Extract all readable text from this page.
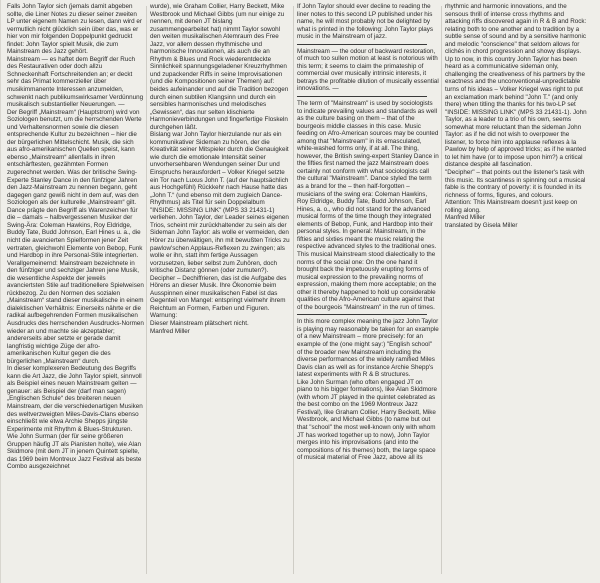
Falls John Taylor sich (jemals damit abgeben sollte, die Liner Notes zu dieser seiner zweiten LP unter eigenem Namen zu lesen, dann wird er vermutlich nicht glücklich sein über das, was er hier von mir folgenden Doppelpunkt gedruckt findet: John Taylor spielt Musik, die zum Mainstream des Jazz gehört.

Mainstream — es haftet dem Begriff der Ruch des Restaurativen oder doch allzu Schneckenhaft Fortschreitenden an; er deckt sehr das Primat kommerzieller über musikimmanente Interessen anzumelden, schwenkt nach publikumswirksamer Verdünnung musikalisch substantieller Neuerungen. —

Der Begriff „Mainstream“ (Hauptstrom) wird von Soziologen benutzt, um die herrschenden Werte und Verhaltensnormen sowie die diesen entsprechende Kultur zu bezeichnen – hier die der bürgerlichen Mittelschicht. Musik, die sich aus afro-amerikanischen Quellen speist, kann ebenso „Mainstream“ allenfalls in ihren entschärftesten, gezähmten Formen zugerechnet werden. Was der britische Swing-Experte Stanley Dance in den fünfziger Jahren den Jazz-Mainstream zu nennen begann, geht dagegen ganz gewiß nicht in dem auf, was den Soziologen als der kulturelle „Mainstream“ gilt. Dance prägte den Begriff als Warenzeichen für die – damals – halbvergessenen Musiker der Swing-Ära: Coleman Hawkins, Roy Eldridge, Buddy Tate, Budd Johnson, Earl Hines u. a., die nicht die avancierten Spielformen jener Zeit vertraten, gleichwohl Elemente von Bebop, Funk und Hardbop in ihre Personal-Stile integrierten.

Verallgemeinernd: Mainstream bezeichnete in den fünfziger und sechziger Jahren jene Musik, die wesentliche Aspekte der jeweils avanciertsten Stile auf traditionellere Spielweisen rückbezog. Zu den Normen des sozialen „Mainstream“ stand dieser musikalische in einem dialektischen Verhältnis: Einerseits nährte er die radikal aufbegehrenden Formen musikalischen Ausdrucks des herrschenden Ausdrucks-Normen wieder an und machte sie akzeptabler; andererseits aber setzte er gerade damit langfristig wichtige Züge der afro-amerikanischen Kultur gegen die des bürgerlichen „Mainstream“ durch.

In dieser komplexeren Bedeutung des Begriffs kann die Art Jazz, die John Taylor spielt, sinnvoll als Beispiel eines neuen Mainstream gelten — genauer: als Beispiel der (darf man sagen) „Englischen Schule“ des breiteren neuen Mainstream, der die verschiedenartigen Musiken des weltverzweigten Miles-Davis-Clans ebenso einschließt wie etwa Archie Shepps jüngste Experimente mit Rhythm & Blues-Strukturen.

Wie John Surman (der für seine größeren Gruppen häufig JT als Pianisten holte), wie Alan Skidmore (mit dem JT in jenem Quintett spielte, das 1969 beim Montreux Jazz Festival als beste Combo ausgezeichnet

wurde), wie Graham Collier, Harry Beckett, Mike Westbrook und Michael Gibbs (um nur einige zu nennen, mit denen JT bislang zusammengearbeitet hat) nimmt Taylor sowohl den weiten musikalischen Atemraum des Free Jazz, vor allem dessen rhythmische und harmonische Innovationen, als auch die an Rhythm & Blues und Rock wiederentdeckte Sinnlichkeit spannungsgeladener Kreuzrhythmen und zupackender Riffs in seine Improvisationen (und die Kompositionen seiner Themen) auf: beides aufeinander und auf die Tradition bezogen durch einen subtilen Klangsinn und durch ein sensibles harmonisches und melodisches „Gewissen“, das nur selten klischierte Harmonieverbindungen und fingerfertige Floskeln durchgehen läßt.

Bislang war John Taylor hierzulande nur als ein kommunikativer Sideman zu hören, der die Kreativität seiner Mitspieler durch die Genauigkeit wie durch die emotionale Intensität seiner unvorhersehbaren Wendungen seiner Dur und Einspruchs herausfordert – Volker Kriegel setzte ein Tor nach Luxus John T. (auf der hauptsächlich aus Hochgefühl) Rückkehr nach Hause hatte das „John T.“ (und ebenso mit dem zugleich Dance-Rhythmus) als Titel für sein Doppelalbum "INSIDE: MISSING LINK" (MPS 33 21431-1) verliehen. John Taylor, der Leader seines eigenen Trios, scheint mir zurückhaltender zu sein als der Sideman John Taylor: als wolle er vermeiden, den Hörer zu überwältigen, ihn mit bewußten Tricks zu pawlow'schen Applaus-Reflexen zu zwingen; als wolle er ihn, statt ihm fertige Aussagen vorzusetzen, lieber selbst zum Zuhören, doch kritische Distanz gönnen (oder zumuten?).

Decipher – Dechiffrieren, das ist die Aufgabe des Hörens an dieser Musik. Ihre Ökonomie beim Ausspinnen einer musikalischen Fabel ist das Gegenteil von Mangel: entspringt vielmehr ihrem Reichtum an Formen, Farben und Figuren.

Warnung:

Dieser Mainstream plätschert nicht.

Manfred Miller

If John Taylor should ever decline to reading the liner notes to this second LP published under his name, he will most probably not be delighted by what is printed in the following: John Taylor plays music in the Mainstream of jazz.

Mainstream — the odour of backward restoration, of much too sullen motion at least is notorious with this term; it seems to claim the primateship of commercial over musically intrinsic interests, it betrays the profitable dilution of musically essential innovations. —

The term of "Mainstream" is used by sociologists to indicate prevailing values and standards as well as the culture basing on them – that of the bourgeois middle classes in this case. Music feeding on Afro-American sources may be counted among that "Mainstream" in its emasculated, white-washed forms only, if at all. The thing, however, the British swing-expert Stanley Dance in the fifties first named the jazz Mainstream does certainly not conform with what sociologists call the cultural "Mainstream". Dance styled the term as a brand for the – then half-forgotten – musicians of the swing era: Coleman Hawkins, Roy Eldridge, Buddy Tate, Budd Johnson, Earl Hines, a. o., who did not stand for the advanced musical forms of the time though they integrated elements of Bebop, Funk, and Hardbop into their personal styles. In general: Mainstream, in the fifties and sixties meant the music relating the respective advanced styles to the traditional ones. This musical Mainstream stood dialectically to the norms of the social one: On the one hand it brought back the impetuously erupting forms of musical expression to the prevailing norms of expression, making them more acceptable; on the other it thereby happened to hold up considerable qualities of the Afro-American culture against that of the bourgeois "Mainstream" in the run of times.

In this more complex meaning the jazz John Taylor is playing may reasonably be taken for an example of a new Mainstream – more precisely: for an example of the (one might say:) "English school" of the broader new Mainstream including the diverse performances of the widely ramified Miles Davis clan as well as for instance Archie Shepp's latest experiments with R & B structures.

Like John Surman (who often engaged JT on piano to his bigger formations), like Alan Skidmore (with whom JT played in the quintet celebrated as the best combo on the 1969 Montreux Jazz Festival), like Graham Collier, Harry Beckett, Mike Westbrook, and Michael Gibbs (to name but out that "school" the most well-known only with whom JT has worked together up to now), John Taylor merges into his improvisations (and into the compositions of his themes) both, the large space of musical material of Free Jazz, above all its

rhythmic and harmonic innovations, and the sensous thrill of intense cross rhythms and attacking riffs discovered again in R & B and Rock: relating both to one another and to tradition by a subtle sense of sound and by a sensitive harmonic and melodic "conscience" that seldom allows for clichés in chord progression and showy displays.

Up to now, in this country John Taylor has been heard as a communicative sideman only, challenging the creativeness of his partners by the exactness and the unconventional-unpredictable turns of his ideas – Volker Kriegel was right to put an exclamation mark behind "John T." (and only there) when titling the thanks for his two-LP set "INSIDE: MISSING LINK" (MPS 33 21431-1). John Taylor, as a leader to a trio of his own, seems somewhat more reluctant than the sideman John Taylor: as if he did not wish to overpower the listener, to force him into applause reflexes à la Pawlow by help of approved tricks; as if he wanted to let him have (or to impose upon him?) a critical distance despite all fascination.

"Decipher" – that points out the listener's task with this music. Its scantiness in spinning out a musical fable is the contrary of poverty: it is founded in its richness of forms, figures, and colours.

Attention: This Mainstream doesn't just keep on rolling along.

Manfred Miller

translated by Gisela Miller
